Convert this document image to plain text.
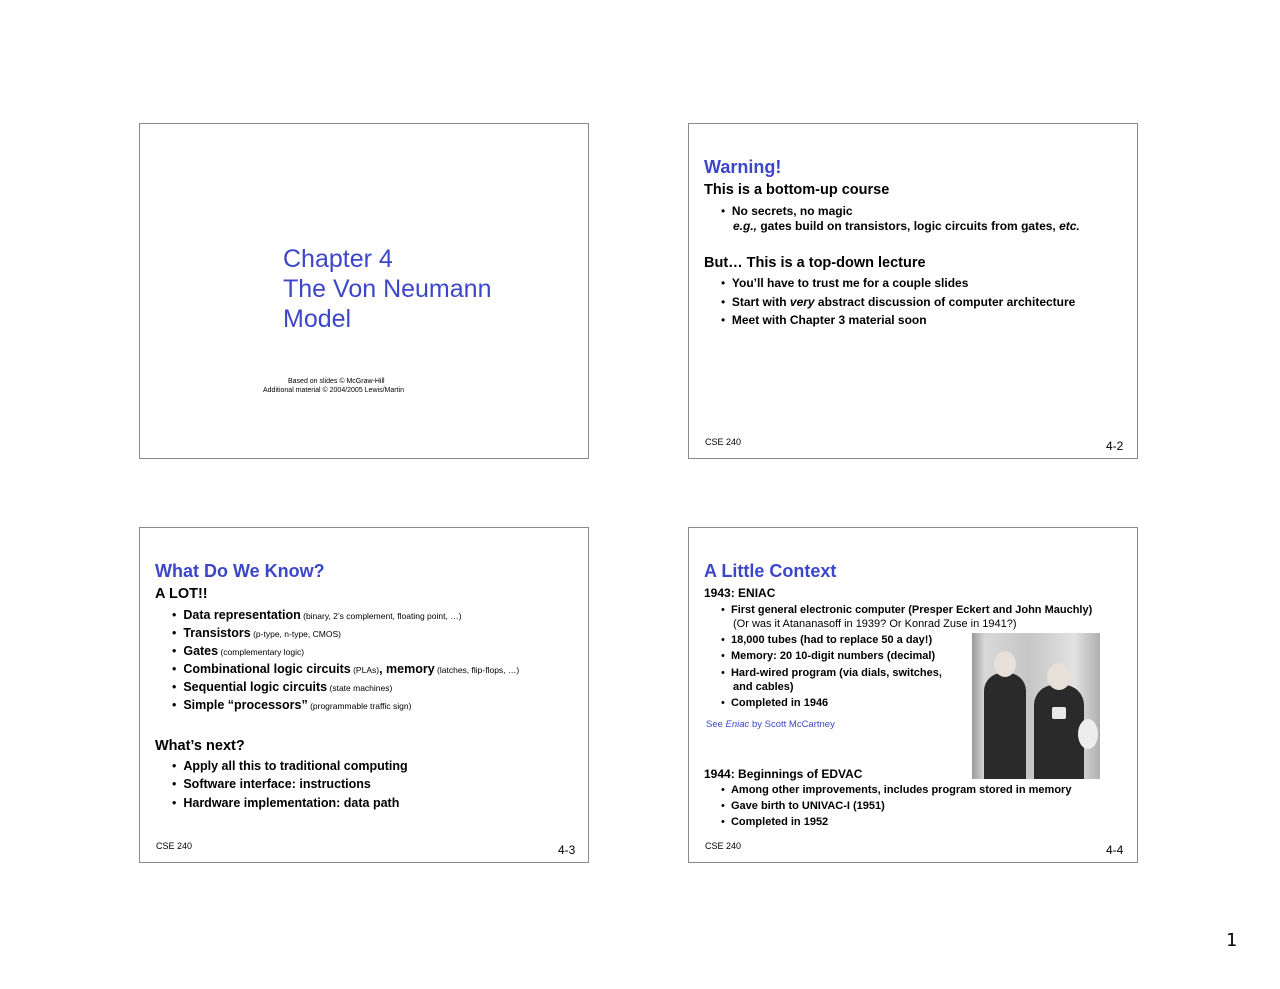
Chapter 4
The Von Neumann
Model
Based on slides © McGraw-Hill
Additional material © 2004/2005 Lewis/Martin
Warning!
This is a bottom-up course
• No secrets, no magic
e.g., gates build on transistors, logic circuits from gates, etc.
But… This is a top-down lecture
• You’ll have to trust me for a couple slides
• Start with very abstract discussion of computer architecture
• Meet with Chapter 3 material soon
CSE 240	4-2
What Do We Know?
A LOT!!
• Data representation (binary, 2’s complement, floating point, …)
• Transistors (p-type, n-type, CMOS)
• Gates (complementary logic)
• Combinational logic circuits (PLAs), memory (latches, flip-flops, …)
• Sequential logic circuits (state machines)
• Simple “processors” (programmable traffic sign)
What’s next?
• Apply all this to traditional computing
• Software interface: instructions
• Hardware implementation: data path
CSE 240	4-3
A Little Context
1943: ENIAC
• First general electronic computer (Presper Eckert and John Mauchly)
(Or was it Atananasoff in 1939? Or Konrad Zuse in 1941?)
• 18,000 tubes (had to replace 50 a day!)
• Memory: 20 10-digit numbers (decimal)
• Hard-wired program (via dials, switches,
and cables)
• Completed in 1946
See Eniac by Scott McCartney
1944: Beginnings of EDVAC
• Among other improvements, includes program stored in memory
• Gave birth to UNIVAC-I (1951)
• Completed in 1952
CSE 240	4-4
1
